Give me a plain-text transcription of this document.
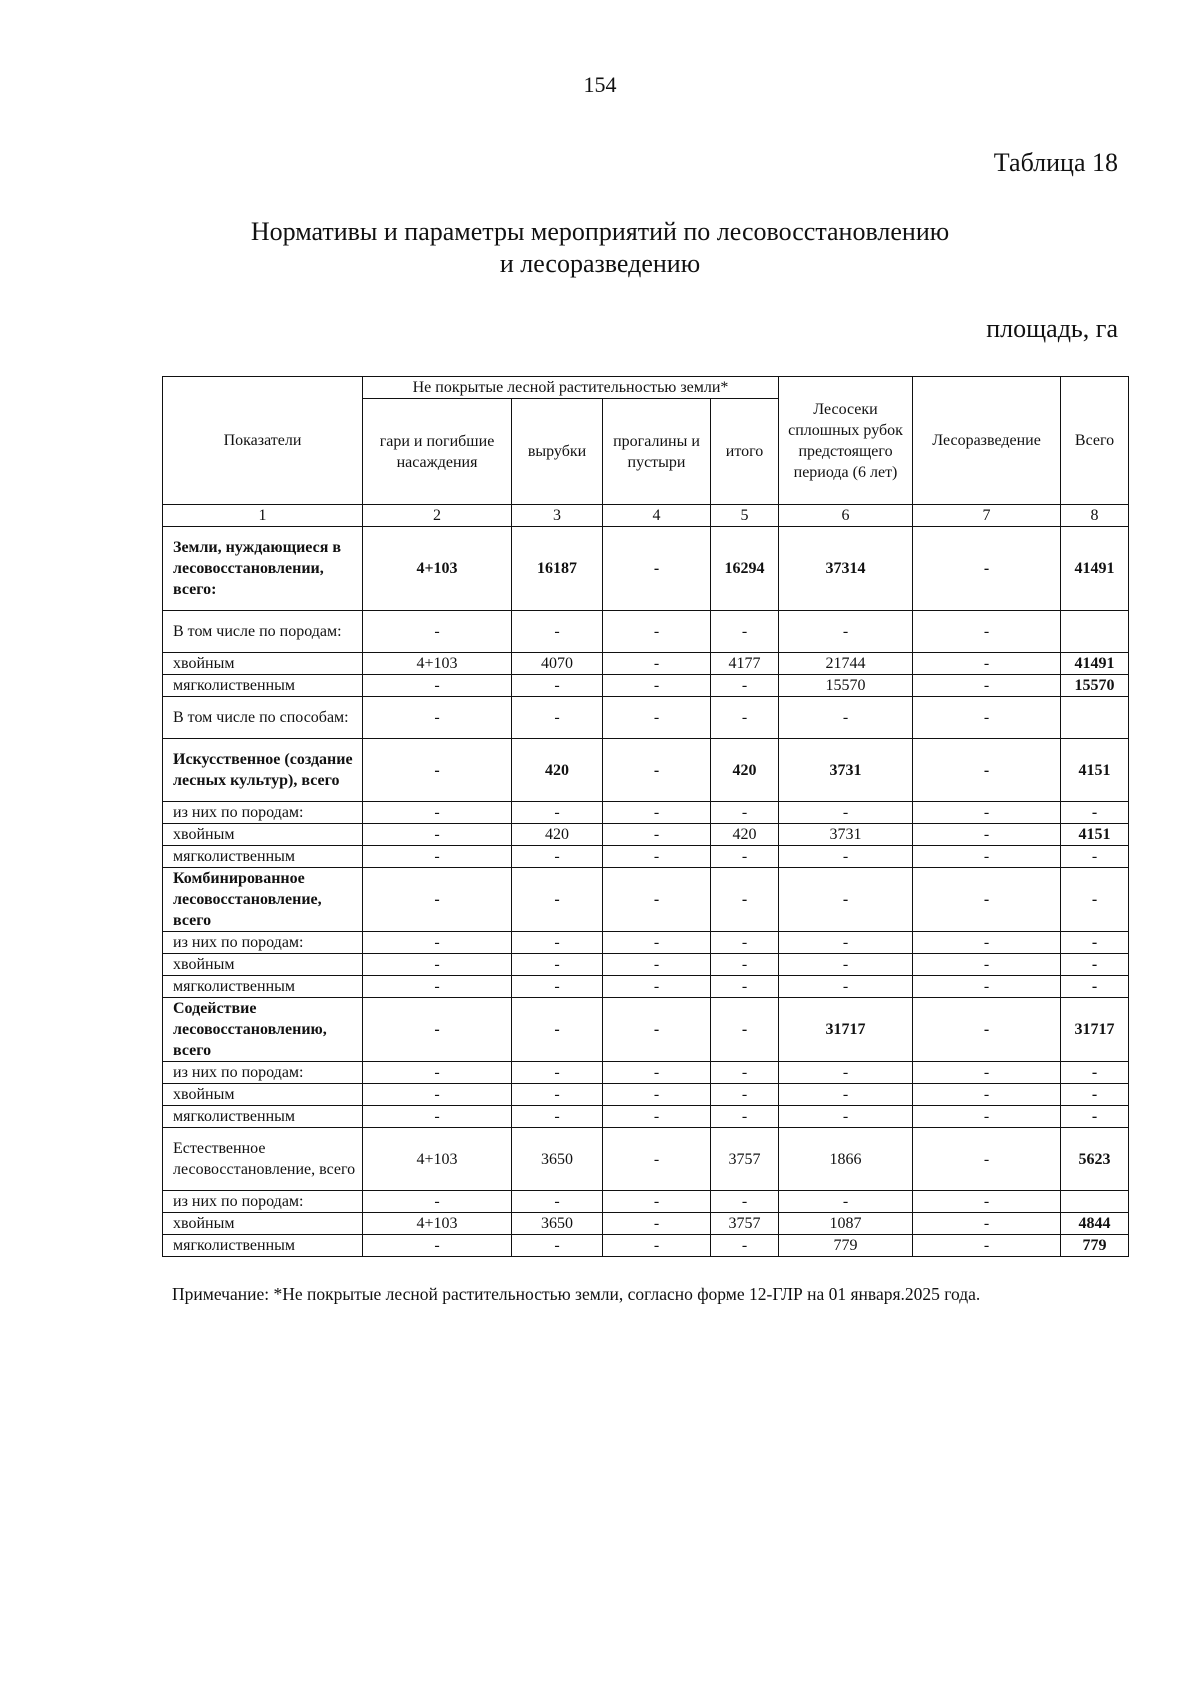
154
Таблица 18
Нормативы и параметры мероприятий по лесовосстановлению
и лесоразведению
площадь, га
Показатели	Не покрытые лесной растительностью земли*				Лесосеки сплошных рубок предстоящего периода (6 лет)	Лесоразведение	Всего
	гари и погибшие насаждения	вырубки	прогалины и пустыри	итого			
1	2	3	4	5	6	7	8
Земли, нуждающиеся в лесовосстановлении, всего:	4+103	16187	-	16294	37314	-	41491
В том числе по породам:	-	-	-	-	-	-	
хвойным	4+103	4070	-	4177	21744	-	41491
мягколиственным	-	-	-	-	15570	-	15570
В том числе по способам:	-	-	-	-	-	-	
Искусственное (создание лесных культур), всего	-	420	-	420	3731	-	4151
из них по породам:	-	-	-	-	-	-	-
хвойным	-	420	-	420	3731	-	4151
мягколиственным	-	-	-	-	-	-	-
Комбинированное лесовосстановление, всего	-	-	-	-	-	-	-
из них по породам:	-	-	-	-	-	-	-
хвойным	-	-	-	-	-	-	-
мягколиственным	-	-	-	-	-	-	-
Содействие лесовосстановлению, всего	-	-	-	-	31717	-	31717
из них по породам:	-	-	-	-	-	-	-
хвойным	-	-	-	-	-	-	-
мягколиственным	-	-	-	-	-	-	-
Естественное лесовосстановление, всего	4+103	3650	-	3757	1866	-	5623
из них по породам:	-	-	-	-	-	-	
хвойным	4+103	3650	-	3757	1087	-	4844
мягколиственным	-	-	-	-	779	-	779
Примечание: *Не покрытые лесной растительностью земли, согласно форме 12-ГЛР на 01 января.2025 года.
